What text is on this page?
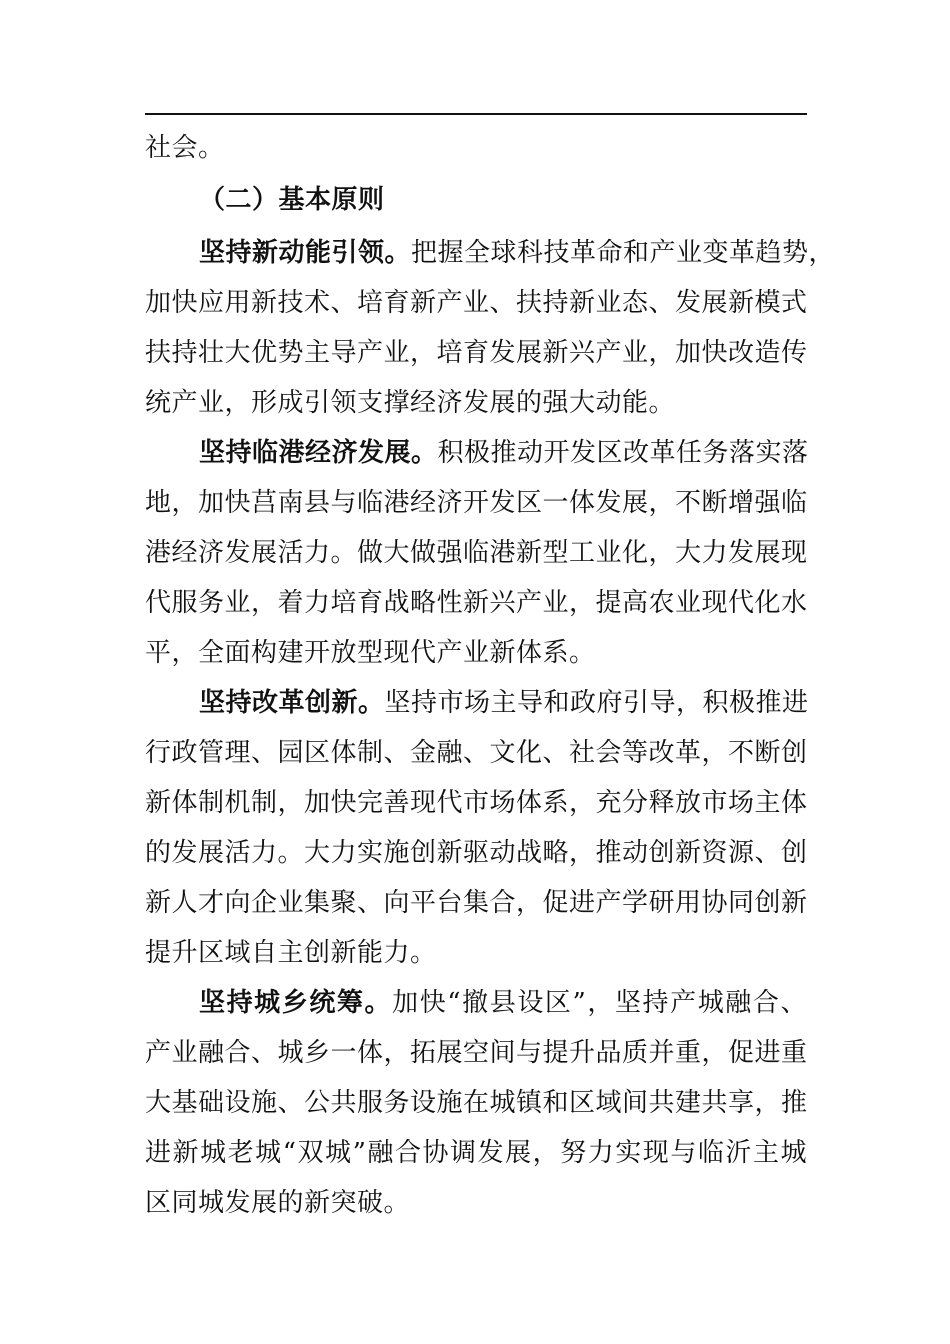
社会。
（二）基本原则
坚持新动能引领。把握全球科技革命和产业变革趋势，
加快应用新技术、培育新产业、扶持新业态、发展新模式
扶持壮大优势主导产业，培育发展新兴产业，加快改造传
统产业，形成引领支撑经济发展的强大动能。
坚持临港经济发展。积极推动开发区改革任务落实落
地，加快莒南县与临港经济开发区一体发展，不断增强临
港经济发展活力。做大做强临港新型工业化，大力发展现
代服务业，着力培育战略性新兴产业，提高农业现代化水
平，全面构建开放型现代产业新体系。
坚持改革创新。坚持市场主导和政府引导，积极推进
行政管理、园区体制、金融、文化、社会等改革，不断创
新体制机制，加快完善现代市场体系，充分释放市场主体
的发展活力。大力实施创新驱动战略，推动创新资源、创
新人才向企业集聚、向平台集合，促进产学研用协同创新
提升区域自主创新能力。
坚持城乡统筹。加快“撤县设区”，坚持产城融合、
产业融合、城乡一体，拓展空间与提升品质并重，促进重
大基础设施、公共服务设施在城镇和区域间共建共享，推
进新城老城“双城”融合协调发展，努力实现与临沂主城
区同城发展的新突破。
